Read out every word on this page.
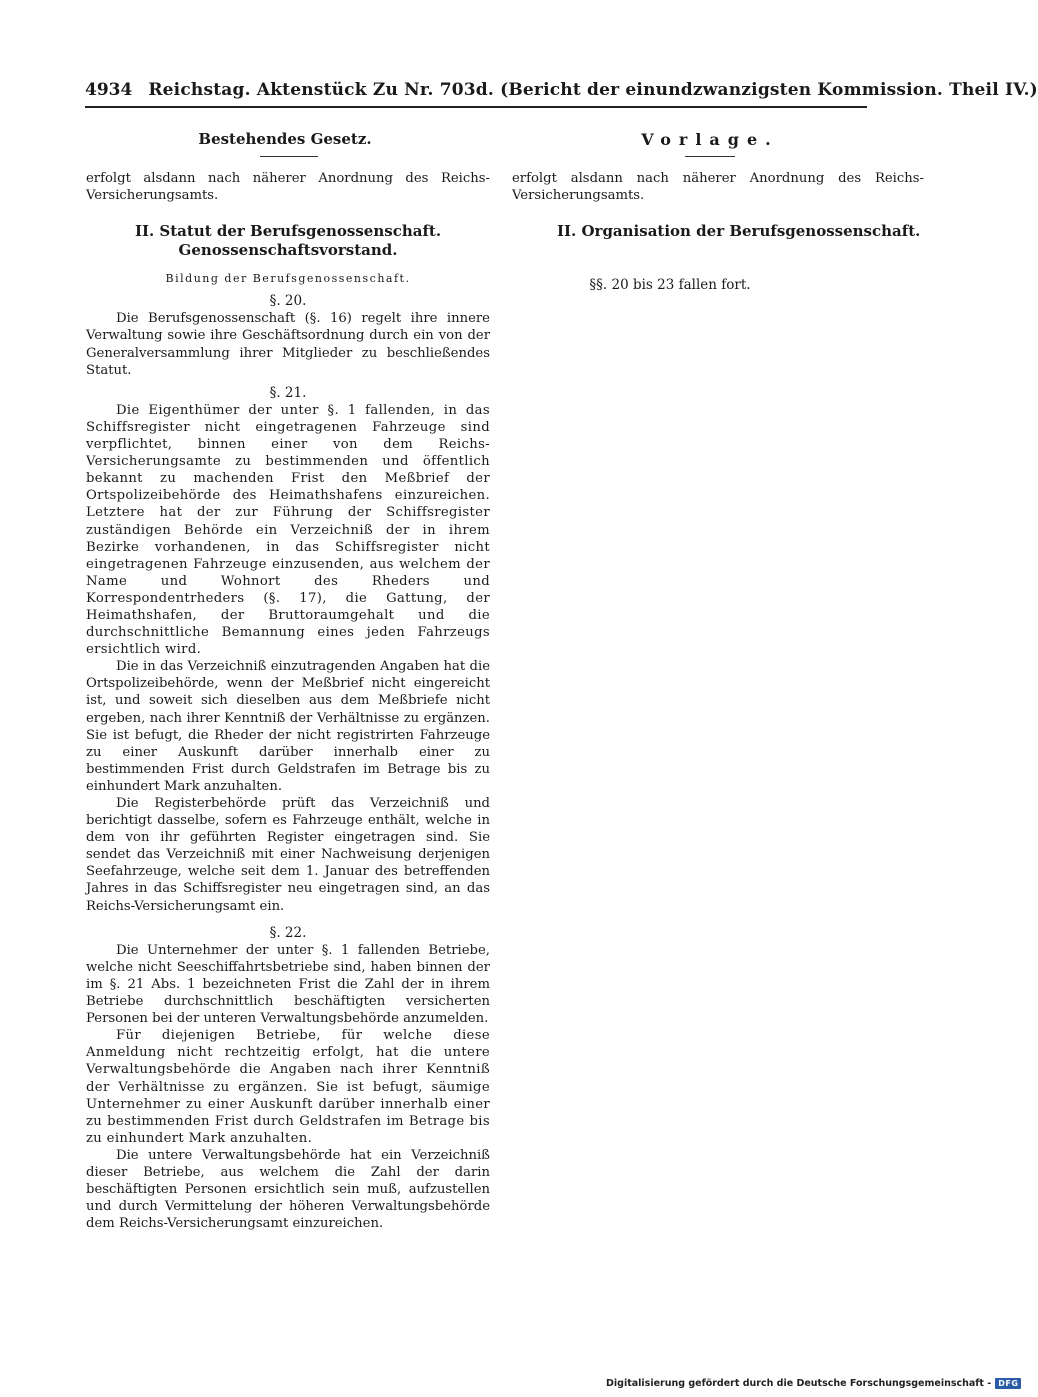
4934 Reichstag. Aktenstück Zu Nr. 703d. (Bericht der einundzwanzigsten Kommission. Theil IV.)
Bestehendes Gesetz.	Vorlage.

erfolgt alsdann nach näherer Anordnung des Reichs-Versicherungsamts.

II. Statut der Berufsgenossenschaft. Genossenschaftsvorstand.

Bildung der Berufsgenossenschaft.

§. 20.

Die Berufsgenossenschaft (§. 16) regelt ihre innere Verwaltung sowie ihre Geschäftsordnung durch ein von der Generalversammlung ihrer Mitglieder zu beschließendes Statut.

§. 21.

Die Eigenthümer der unter §. 1 fallenden, in das Schiffsregister nicht eingetragenen Fahrzeuge sind verpflichtet, binnen einer von dem Reichs-Versicherungsamte zu bestimmenden und öffentlich bekannt zu machenden Frist den Meßbrief der Ortspolizeibehörde des Heimathshafens einzureichen. Letztere hat der zur Führung der Schiffsregister zuständigen Behörde ein Verzeichniß der in ihrem Bezirke vorhandenen, in das Schiffsregister nicht eingetragenen Fahrzeuge einzusenden, aus welchem der Name und Wohnort des Rheders und Korrespondentrheders (§. 17), die Gattung, der Heimathshafen, der Bruttoraumgehalt und die durchschnittliche Bemannung eines jeden Fahrzeugs ersichtlich wird.

Die in das Verzeichniß einzutragenden Angaben hat die Ortspolizeibehörde, wenn der Meßbrief nicht eingereicht ist, und soweit sich dieselben aus dem Meßbriefe nicht ergeben, nach ihrer Kenntniß der Verhältnisse zu ergänzen. Sie ist befugt, die Rheder der nicht registrirten Fahrzeuge zu einer Auskunft darüber innerhalb einer zu bestimmenden Frist durch Geldstrafen im Betrage bis zu einhundert Mark anzuhalten.

Die Registerbehörde prüft das Verzeichniß und berichtigt dasselbe, sofern es Fahrzeuge enthält, welche in dem von ihr geführten Register eingetragen sind. Sie sendet das Verzeichniß mit einer Nachweisung derjenigen Seefahrzeuge, welche seit dem 1. Januar des betreffenden Jahres in das Schiffsregister neu eingetragen sind, an das Reichs-Versicherungsamt ein.

§. 22.

Die Unternehmer der unter §. 1 fallenden Betriebe, welche nicht Seeschiffahrtsbetriebe sind, haben binnen der im §. 21 Abs. 1 bezeichneten Frist die Zahl der in ihrem Betriebe durchschnittlich beschäftigten versicherten Personen bei der unteren Verwaltungsbehörde anzumelden.

Für diejenigen Betriebe, für welche diese Anmeldung nicht rechtzeitig erfolgt, hat die untere Verwaltungsbehörde die Angaben nach ihrer Kenntniß der Verhältnisse zu ergänzen. Sie ist befugt, säumige Unternehmer zu einer Auskunft darüber innerhalb einer zu bestimmenden Frist durch Geldstrafen im Betrage bis zu einhundert Mark anzuhalten.

Die untere Verwaltungsbehörde hat ein Verzeichniß dieser Betriebe, aus welchem die Zahl der darin beschäftigten Personen ersichtlich sein muß, aufzustellen und durch Vermittelung der höheren Verwaltungsbehörde dem Reichs-Versicherungsamt einzureichen.

erfolgt alsdann nach näherer Anordnung des Reichs-Versicherungsamts.

II. Organisation der Berufsgenossenschaft.

§§. 20 bis 23 fallen fort.

Digitalisierung gefördert durch die Deutsche Forschungsgemeinschaft - DFG
